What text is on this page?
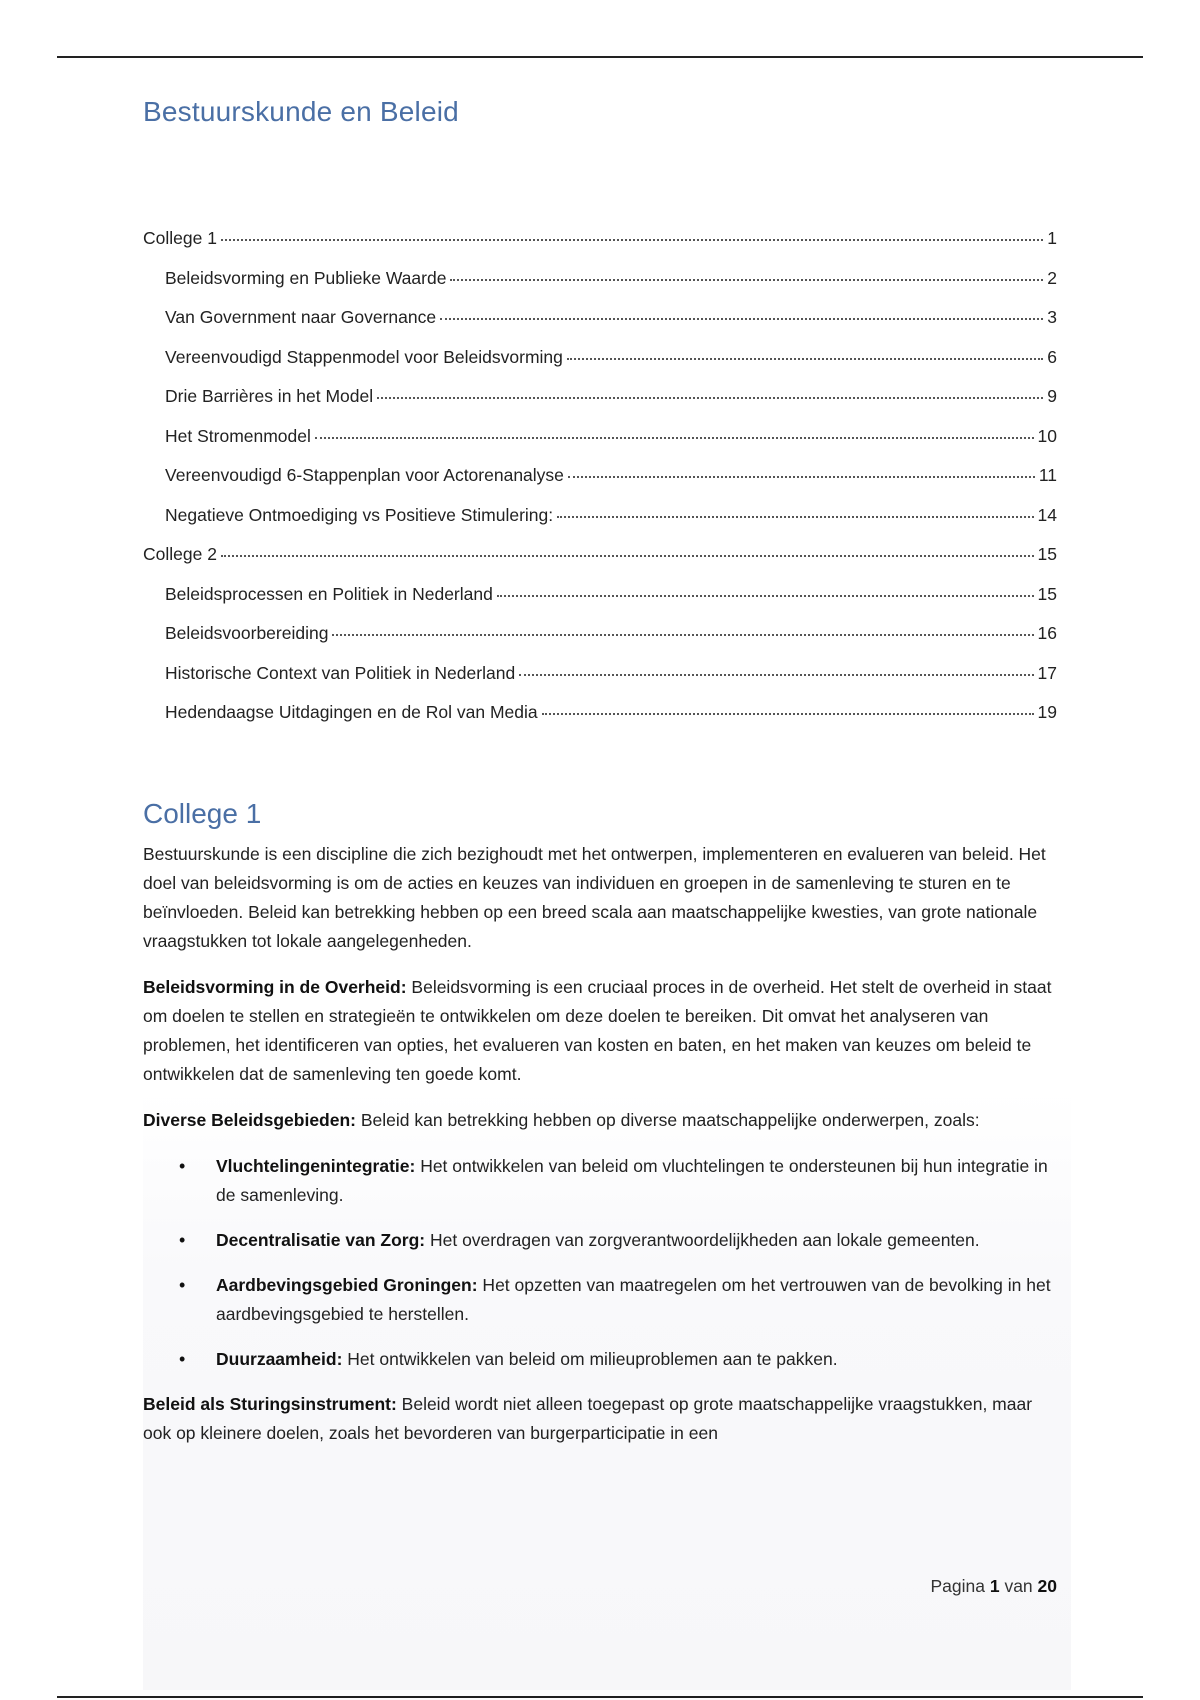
Bestuurskunde en Beleid
College 1	1
Beleidsvorming en Publieke Waarde	2
Van Government naar Governance	3
Vereenvoudigd Stappenmodel voor Beleidsvorming	6
Drie Barrières in het Model	9
Het Stromenmodel	10
Vereenvoudigd 6-Stappenplan voor Actorenanalyse	11
Negatieve Ontmoediging vs Positieve Stimulering:	14
College 2	15
Beleidsprocessen en Politiek in Nederland	15
Beleidsvoorbereiding	16
Historische Context van Politiek in Nederland	17
Hedendaagse Uitdagingen en de Rol van Media	19
College 1

Bestuurskunde is een discipline die zich bezighoudt met het ontwerpen, implementeren en evalueren van beleid. Het doel van beleidsvorming is om de acties en keuzes van individuen en groepen in de samenleving te sturen en te beïnvloeden. Beleid kan betrekking hebben op een breed scala aan maatschappelijke kwesties, van grote nationale vraagstukken tot lokale aangelegenheden.

Beleidsvorming in de Overheid: Beleidsvorming is een cruciaal proces in de overheid. Het stelt de overheid in staat om doelen te stellen en strategieën te ontwikkelen om deze doelen te bereiken. Dit omvat het analyseren van problemen, het identificeren van opties, het evalueren van kosten en baten, en het maken van keuzes om beleid te ontwikkelen dat de samenleving ten goede komt.

Diverse Beleidsgebieden: Beleid kan betrekking hebben op diverse maatschappelijke onderwerpen, zoals:

• Vluchtelingenintegratie: Het ontwikkelen van beleid om vluchtelingen te ondersteunen bij hun integratie in de samenleving.
• Decentralisatie van Zorg: Het overdragen van zorgverantwoordelijkheden aan lokale gemeenten.
• Aardbevingsgebied Groningen: Het opzetten van maatregelen om het vertrouwen van de bevolking in het aardbevingsgebied te herstellen.
• Duurzaamheid: Het ontwikkelen van beleid om milieuproblemen aan te pakken.

Beleid als Sturingsinstrument: Beleid wordt niet alleen toegepast op grote maatschappelijke vraagstukken, maar ook op kleinere doelen, zoals het bevorderen van burgerparticipatie in een

Pagina 1 van 20
